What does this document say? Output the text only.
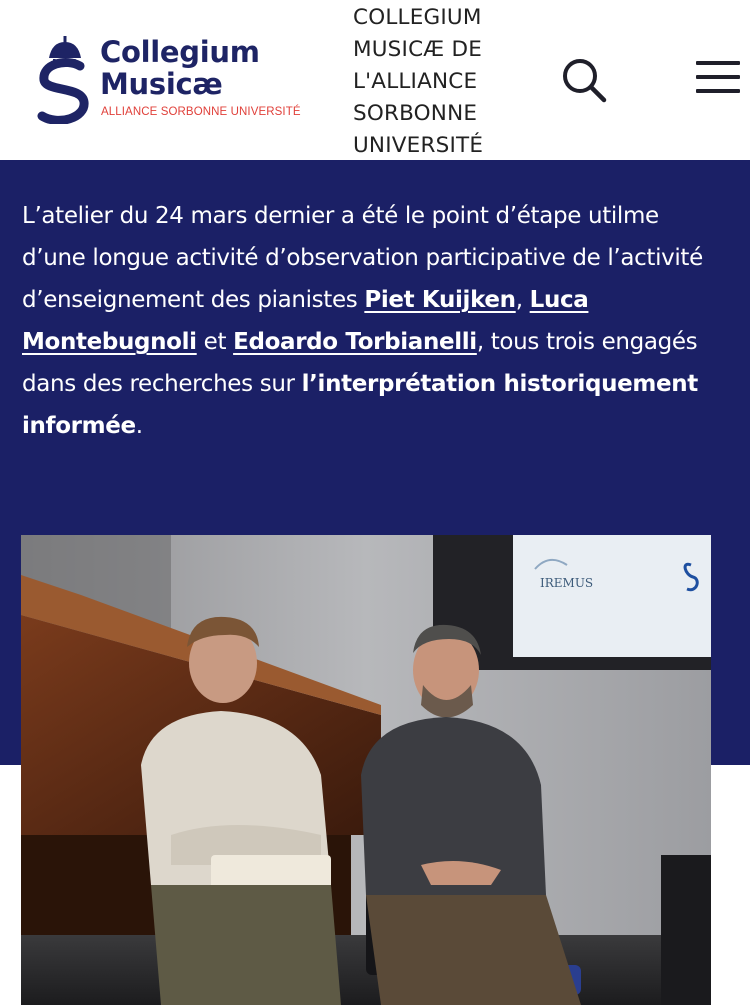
Collegium
Musicæ
ALLIANCE SORBONNE UNIVERSITÉ
COLLEGIUM MUSICÆ DE L'ALLIANCE SORBONNE UNIVERSITÉ

L’atelier du 24 mars dernier a été le point d’étape utilme d’une longue activité d’observation participative de l’activité d’enseignement des pianistes Piet Kuijken, Luca Montebugnoli et Edoardo Torbianelli, tous trois engagés dans des recherches sur l’interprétation historiquement informée.

IREMUS
